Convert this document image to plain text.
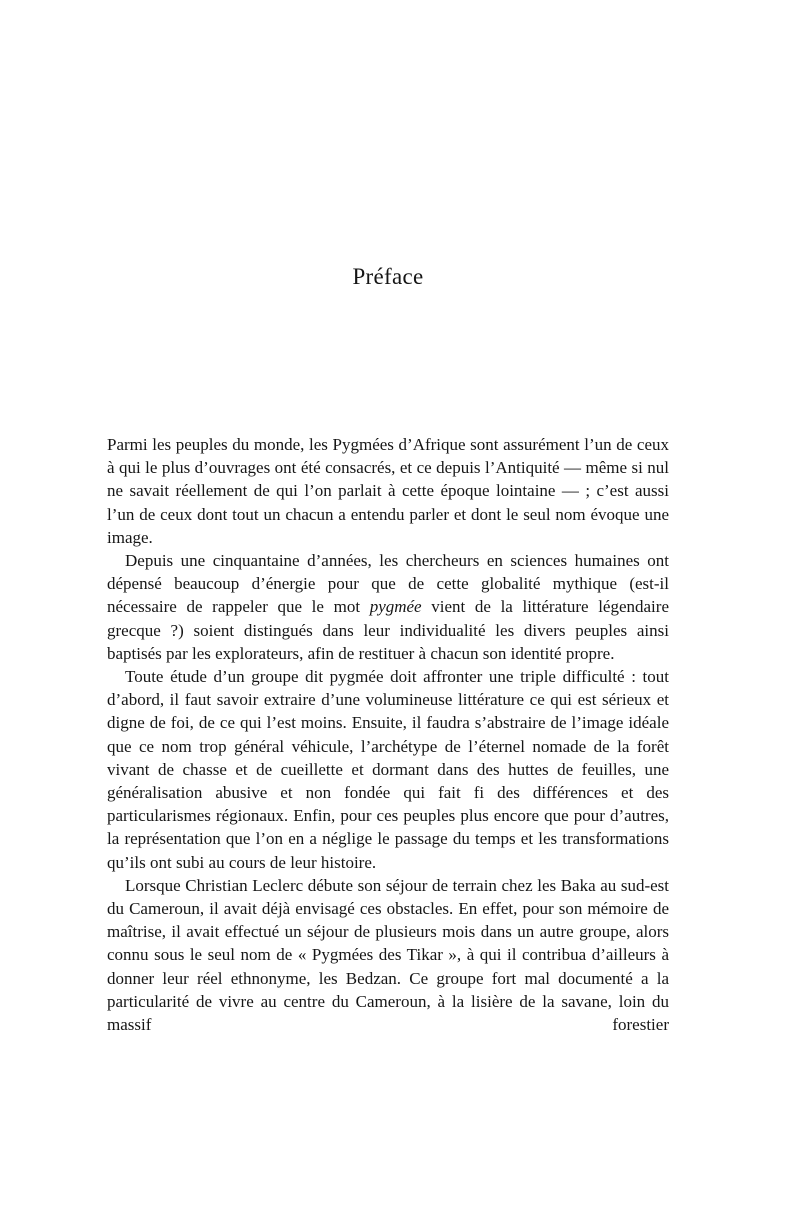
Préface

Parmi les peuples du monde, les Pygmées d’Afrique sont assurément l’un de ceux à qui le plus d’ouvrages ont été consacrés, et ce depuis l’Antiquité — même si nul ne savait réellement de qui l’on parlait à cette époque lointaine — ; c’est aussi l’un de ceux dont tout un chacun a entendu parler et dont le seul nom évoque une image.

Depuis une cinquantaine d’années, les chercheurs en sciences humaines ont dépensé beaucoup d’énergie pour que de cette globalité mythique (est-il nécessaire de rappeler que le mot pygmée vient de la littérature légendaire grecque ?) soient distingués dans leur individualité les divers peuples ainsi baptisés par les explorateurs, afin de restituer à chacun son identité propre.

Toute étude d’un groupe dit pygmée doit affronter une triple difficulté : tout d’abord, il faut savoir extraire d’une volumineuse littérature ce qui est sérieux et digne de foi, de ce qui l’est moins. Ensuite, il faudra s’abstraire de l’image idéale que ce nom trop général véhicule, l’archétype de l’éternel nomade de la forêt vivant de chasse et de cueillette et dormant dans des huttes de feuilles, une généralisation abusive et non fondée qui fait fi des différences et des particularismes régionaux. Enfin, pour ces peuples plus encore que pour d’autres, la représentation que l’on en a néglige le passage du temps et les transformations qu’ils ont subi au cours de leur histoire.

Lorsque Christian Leclerc débute son séjour de terrain chez les Baka au sud-est du Cameroun, il avait déjà envisagé ces obstacles. En effet, pour son mémoire de maîtrise, il avait effectué un séjour de plusieurs mois dans un autre groupe, alors connu sous le seul nom de « Pygmées des Tikar », à qui il contribua d’ailleurs à donner leur réel ethnonyme, les Bedzan. Ce groupe fort mal documenté a la particularité de vivre au centre du Cameroun, à la lisière de la savane, loin du massif forestier
